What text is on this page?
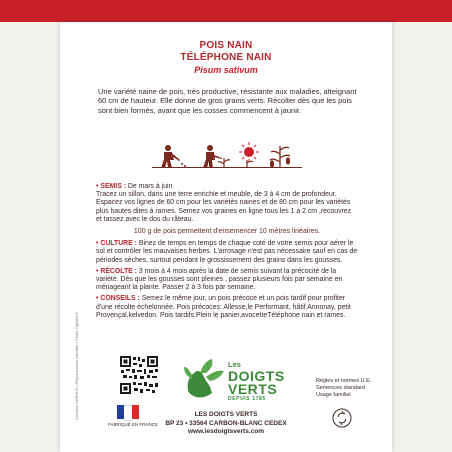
POIS NAIN
TÉLÉPHONE NAIN
Pisum sativum
Une variété naine de pois, très productive, résistante aux maladies, atteignant 60 cm de hauteur. Elle donne de gros grains verts. Récolter dès que les pois sont bien formés, avant que les cosses commencent à jaunir.

• SEMIS : De mars à juin
Tracez un sillon, dans une terre enrichie et meuble, de 3 à 4 cm de profondeur. Espacez vos lignes de 60 cm pour les variétés naines et de 80 cm pour les variétés plus hautes dites à rames. Semez vos graines en ligne tous les 1 à 2 cm ,recouvrez et tassez avec le dos du râteau.

100 g de pois permettent d'ensemencer 10 mètres linéaires.

• CULTURE : Binez de temps en temps de chaque coté de votre semis pour aérer le sol et contrôler les mauvaises herbes. L'arrosage n'est pas nécessaire sauf en cas de périodes sèches, surtout pendant le grossissement des grains dans les gousses.

• RÉCOLTE : 3 mois à 4 mois après la date de semis suivant la précocité de la variété. Dès que les gousses sont pleines , passez plusieurs fois par semaine en ménageant la plante. Passer 2 à 3 fois par semaine.

• CONSEILS : Semez le même jour, un pois précoce et un pois tardif pour profiter d'une récolte échelonnée. Pois précoces: Allesse,le Performant, hâtif Annonay, petit Provençal,kelvedon. Pois tardifs:Plein le panier,avocetteTéléphone nain et rames.

Création DEBAUX • Reproduction interdite • Photo Ogilabs®
FABRIQUÉ EN FRANCE
Les
DOIGTS
VERTS
DEPUIS 1785
Règles et normes U.E.
Semences standard
Usage familial
LES DOIGTS VERTS
BP 23 • 33564 CARBON-BLANC CEDEX
www.lesdoigtsverts.com
